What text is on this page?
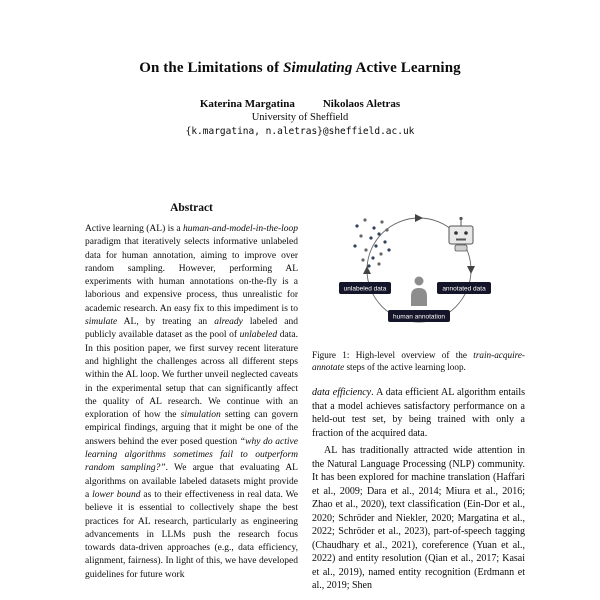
On the Limitations of Simulating Active Learning
Katerina Margatina	Nikolaos Aletras
University of Sheffield
{k.margatina, n.aletras}@sheffield.ac.uk
Abstract
Active learning (AL) is a human-and-model-in-the-loop paradigm that iteratively selects informative unlabeled data for human annotation, aiming to improve over random sampling. However, performing AL experiments with human annotations on-the-fly is a laborious and expensive process, thus unrealistic for academic research. An easy fix to this impediment is to simulate AL, by treating an already labeled and publicly available dataset as the pool of unlabeled data. In this position paper, we first survey recent literature and highlight the challenges across all different steps within the AL loop. We further unveil neglected caveats in the experimental setup that can significantly affect the quality of AL research. We continue with an exploration of how the simulation setting can govern empirical findings, arguing that it might be one of the answers behind the ever posed question “why do active learning algorithms sometimes fail to outperform random sampling?”. We argue that evaluating AL algorithms on available labeled datasets might provide a lower bound as to their effectiveness in real data. We believe it is essential to collectively shape the best practices for AL research, particularly as engineering advancements in LLMs push the research focus towards data-driven approaches (e.g., data efficiency, alignment, fairness). In light of this, we have developed guidelines for future work
unlabeled data	annotated data
human annotation
Figure 1: High-level overview of the train-acquire-annotate steps of the active learning loop.
data efficiency. A data efficient AL algorithm entails that a model achieves satisfactory performance on a held-out test set, by being trained with only a fraction of the acquired data.
AL has traditionally attracted wide attention in the Natural Language Processing (NLP) community. It has been explored for machine translation (Haffari et al., 2009; Dara et al., 2014; Miura et al., 2016; Zhao et al., 2020), text classification (Ein-Dor et al., 2020; Schröder and Niekler, 2020; Margatina et al., 2022; Schröder et al., 2023), part-of-speech tagging (Chaudhary et al., 2021), coreference (Yuan et al., 2022) and entity resolution (Qian et al., 2017; Kasai et al., 2019), named entity recognition (Erdmann et al., 2019; Shen
